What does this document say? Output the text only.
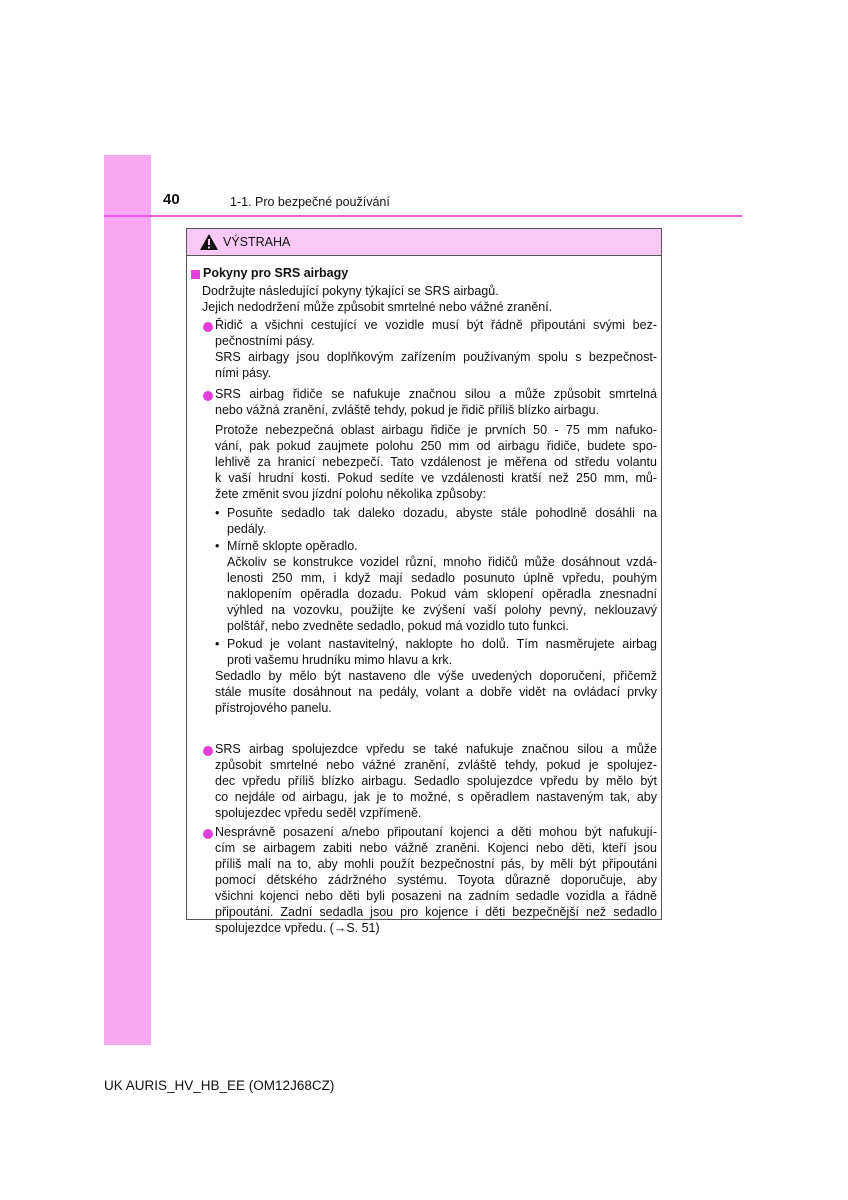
40	1-1. Pro bezpečné používání
VÝSTRAHA
Pokyny pro SRS airbagy
Dodržujte následující pokyny týkající se SRS airbagů.
Jejich nedodržení může způsobit smrtelné nebo vážné zranění.
Řidič a všichni cestující ve vozidle musí být řádně připoutáni svými bez-
pečnostními pásy.
SRS airbagy jsou doplňkovým zařízením používaným spolu s bezpečnost-
ními pásy.
SRS airbag řidiče se nafukuje značnou silou a může způsobit smrtelná
nebo vážná zranění, zvláště tehdy, pokud je řidič příliš blízko airbagu.
Protože nebezpečná oblast airbagu řidiče je prvních 50 - 75 mm nafuko-
vání, pak pokud zaujmete polohu 250 mm od airbagu řidiče, budete spo-
lehlivě za hranicí nebezpečí. Tato vzdálenost je měřena od středu volantu
k vaší hrudní kosti. Pokud sedíte ve vzdálenosti kratší než 250 mm, mů-
žete změnit svou jízdní polohu několika způsoby:
• Posuňte sedadlo tak daleko dozadu, abyste stále pohodlně dosáhli na
pedály.
• Mírně sklopte opěradlo.
Ačkoliv se konstrukce vozidel různí, mnoho řidičů může dosáhnout vzdá-
lenosti 250 mm, i když mají sedadlo posunuto úplně vpředu, pouhým
naklopením opěradla dozadu. Pokud vám sklopení opěradla znesnadní
výhled na vozovku, použijte ke zvýšení vaší polohy pevný, neklouzavý
polštář, nebo zvedněte sedadlo, pokud má vozidlo tuto funkci.
• Pokud je volant nastavitelný, naklopte ho dolů. Tím nasměrujete airbag
proti vašemu hrudníku mimo hlavu a krk.
Sedadlo by mělo být nastaveno dle výše uvedených doporučení, přičemž
stále musíte dosáhnout na pedály, volant a dobře vidět na ovládací prvky
přístrojového panelu.
SRS airbag spolujezdce vpředu se také nafukuje značnou silou a může
způsobit smrtelné nebo vážné zranění, zvláště tehdy, pokud je spolujez-
dec vpředu příliš blízko airbagu. Sedadlo spolujezdce vpředu by mělo být
co nejdále od airbagu, jak je to možné, s opěradlem nastaveným tak, aby
spolujezdec vpředu seděl vzpřímeně.
Nesprávně posazení a/nebo připoutaní kojenci a děti mohou být nafukují-
cím se airbagem zabiti nebo vážně zraněni. Kojenci nebo děti, kteří jsou
příliš malí na to, aby mohli použít bezpečnostní pás, by měli být připoutáni
pomocí dětského zádržného systému. Toyota důrazně doporučuje, aby
všichni kojenci nebo děti byli posazeni na zadním sedadle vozidla a řádně
připoutáni. Zadní sedadla jsou pro kojence i děti bezpečnější než sedadlo
spolujezdce vpředu. (→S. 51)
UK AURIS_HV_HB_EE (OM12J68CZ)
